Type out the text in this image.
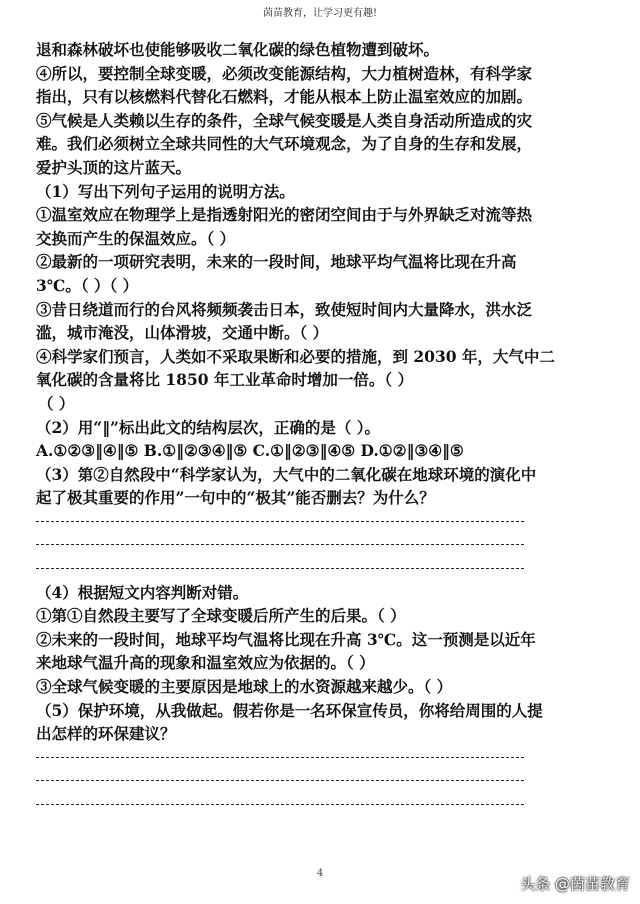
茵苗教育，让学习更有趣!

退和森林破坏也使能够吸收二氧化碳的绿色植物遭到破坏。

④所以，要控制全球变暖，必须改变能源结构，大力植树造林，有科学家

指出，只有以核燃料代替化石燃料，才能从根本上防止温室效应的加剧。

⑤气候是人类赖以生存的条件，全球气候变暖是人类自身活动所造成的灾

难。我们必须树立全球共同性的大气环境观念，为了自身的生存和发展，

爱护头顶的这片蓝天。

（1）写出下列句子运用的说明方法。

①温室效应在物理学上是指透射阳光的密闭空间由于与外界缺乏对流等热

交换而产生的保温效应。（ ）

②最新的一项研究表明，未来的一段时间，地球平均气温将比现在升高

3℃。（ ）（ ）

③昔日绕道而行的台风将频频袭击日本，致使短时间内大量降水，洪水泛

滥，城市淹没，山体滑坡，交通中断。（ ）

④科学家们预言，人类如不采取果断和必要的措施，到 2030 年，大气中二

氧化碳的含量将比 1850 年工业革命时增加一倍。（ ）

（ ）

（2）用“‖”标出此文的结构层次，正确的是（ ）。

A.①②③‖④‖⑤ B.①‖②③④‖⑤ C.①‖②③‖④⑤ D.①②‖③④‖⑤

（3）第②自然段中“科学家认为，大气中的二氧化碳在地球环境的演化中

起了极其重要的作用”一句中的“极其”能否删去？为什么？

（4）根据短文内容判断对错。

①第①自然段主要写了全球变暖后所产生的后果。（ ）

②未来的一段时间，地球平均气温将比现在升高 3℃。这一预测是以近年

来地球气温升高的现象和温室效应为依据的。（ ）

③全球气候变暖的主要原因是地球上的水资源越来越少。（ ）

（5）保护环境，从我做起。假若你是一名环保宣传员，你将给周围的人提

出怎样的环保建议？

4
头条 @茵苗教育
